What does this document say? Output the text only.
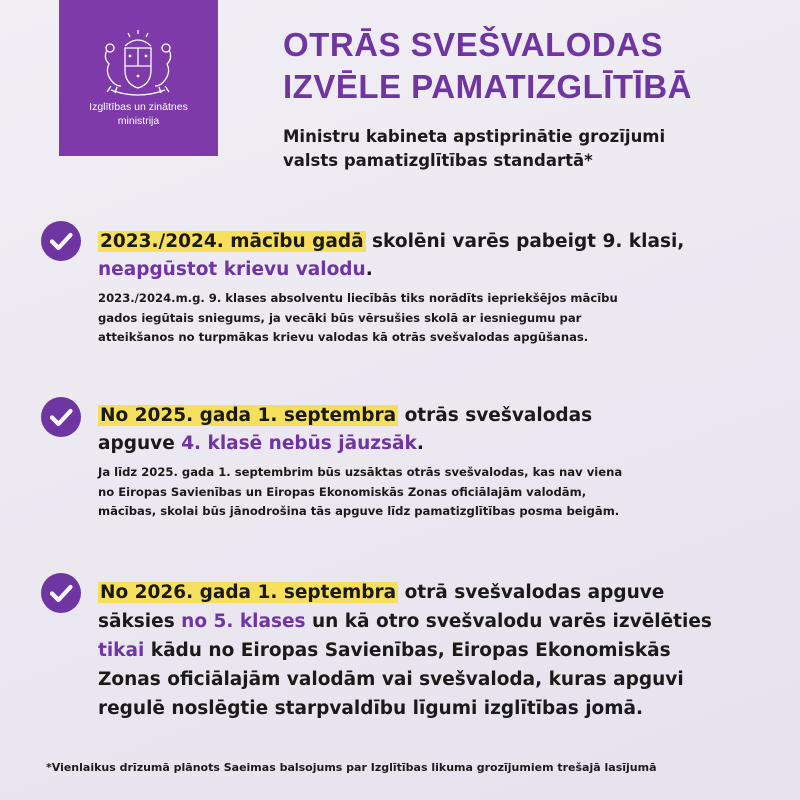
Izglītības un zinātnes
ministrija
OTRĀS SVEŠVALODAS
IZVĒLE PAMATIZGLĪTĪBĀ
Ministru kabineta apstiprinātie grozījumi
valsts pamatizglītības standartā*
2023./2024. mācību gadā skolēni varēs pabeigt 9. klasi,
neapgūstot krievu valodu.
2023./2024.m.g. 9. klases absolventu liecībās tiks norādīts iepriekšējos mācību
gados iegūtais sniegums, ja vecāki būs vērsušies skolā ar iesniegumu par
atteikšanos no turpmākas krievu valodas kā otrās svešvalodas apgūšanas.
No 2025. gada 1. septembra otrās svešvalodas
apguve 4. klasē nebūs jāuzsāk.
Ja līdz 2025. gada 1. septembrim būs uzsāktas otrās svešvalodas, kas nav viena
no Eiropas Savienības un Eiropas Ekonomiskās Zonas oficiālajām valodām,
mācības, skolai būs jānodrošina tās apguve līdz pamatizglītības posma beigām.
No 2026. gada 1. septembra otrā svešvalodas apguve
sāksies no 5. klases un kā otro svešvalodu varēs izvēlēties
tikai kādu no Eiropas Savienības, Eiropas Ekonomiskās
Zonas oficiālajām valodām vai svešvaloda, kuras apguvi
regulē noslēgtie starpvaldību līgumi izglītības jomā.
*Vienlaikus drīzumā plānots Saeimas balsojums par Izglītības likuma grozījumiem trešajā lasījumā
